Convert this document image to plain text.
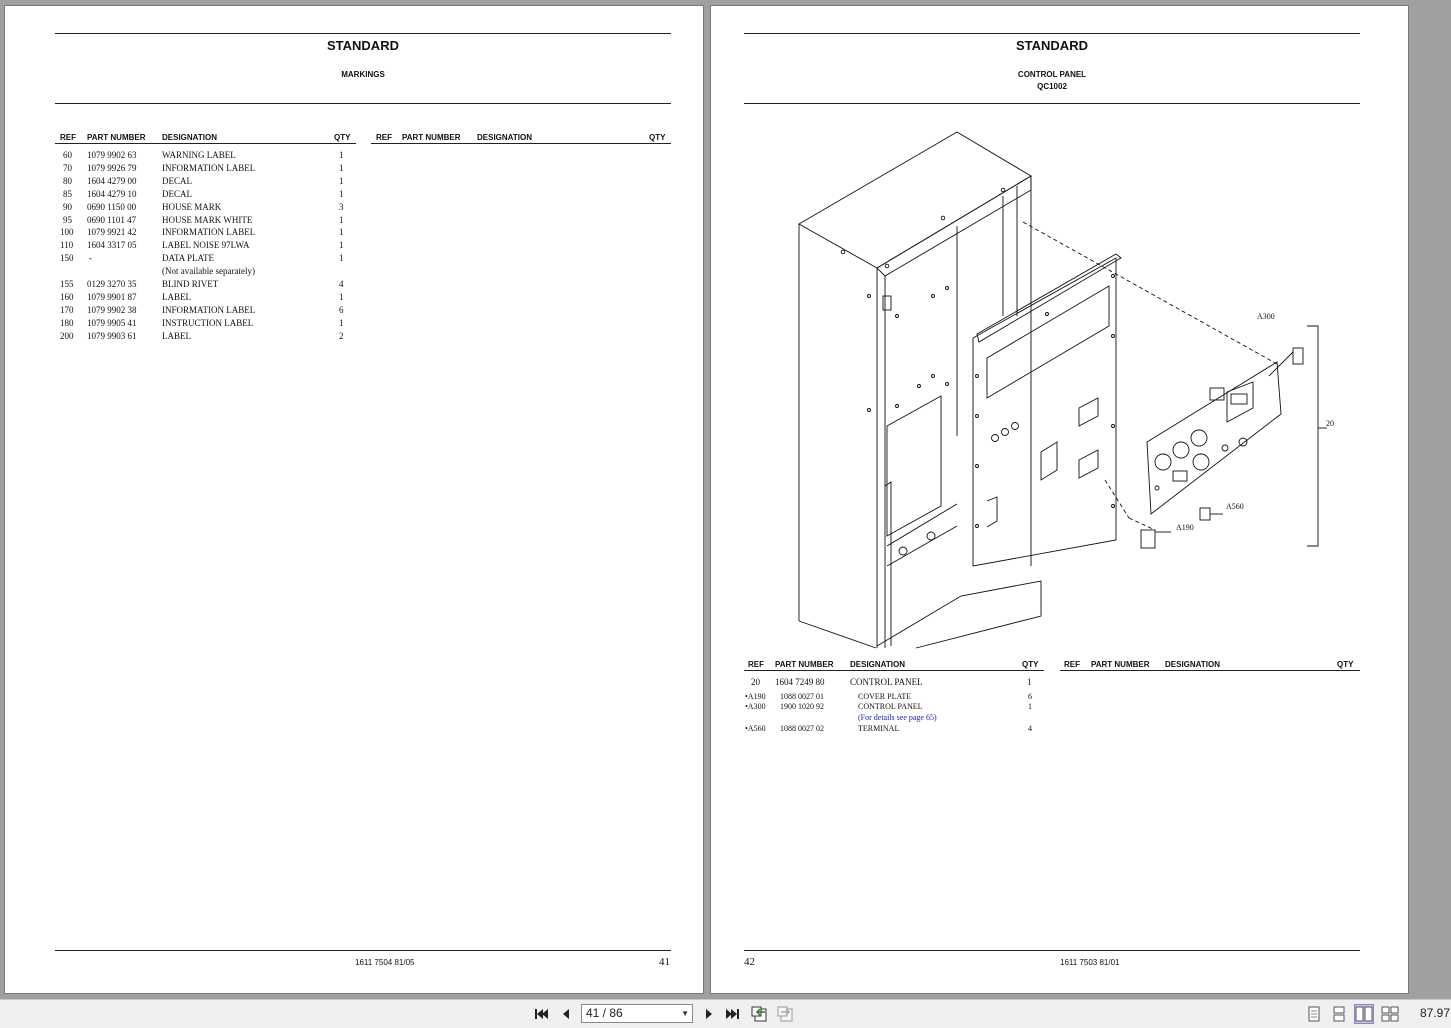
STANDARD
MARKINGS
REF PART NUMBER DESIGNATION	QTY	REF PART NUMBER DESIGNATION	QTY
60 1079 9902 63	WARNING LABEL	1
70 1079 9926 79	INFORMATION LABEL	1
80 1604 4279 00	DECAL	1
85 1604 4279 10	DECAL	1
90 0690 1150 00	HOUSE MARK	3
95 0690 1101 47	HOUSE MARK WHITE	1
100 1079 9921 42	INFORMATION LABEL	1
110 1604 3317 05	LABEL NOISE 97LWA	1
150 -	DATA PLATE	1
(Not available separately)
155 0129 3270 35	BLIND RIVET	4
160 1079 9901 87	LABEL	1
170 1079 9902 38	INFORMATION LABEL	6
180 1079 9905 41	INSTRUCTION LABEL	1
200 1079 9903 61	LABEL	2
1611 7504 81/05	41
STANDARD
CONTROL PANEL
QC1002
A300
20
A560
A190
REF PART NUMBER DESIGNATION	QTY	REF PART NUMBER DESIGNATION	QTY
20 1604 7249 80	CONTROL PANEL	1
•A190 1088 0027 01	COVER PLATE	6
•A300 1900 1020 92	CONTROL PANEL	1
(For details see page 65)
•A560 1088 0027 02	TERMINAL	4
42	1611 7503 81/01
41 / 86	▼	87.97
